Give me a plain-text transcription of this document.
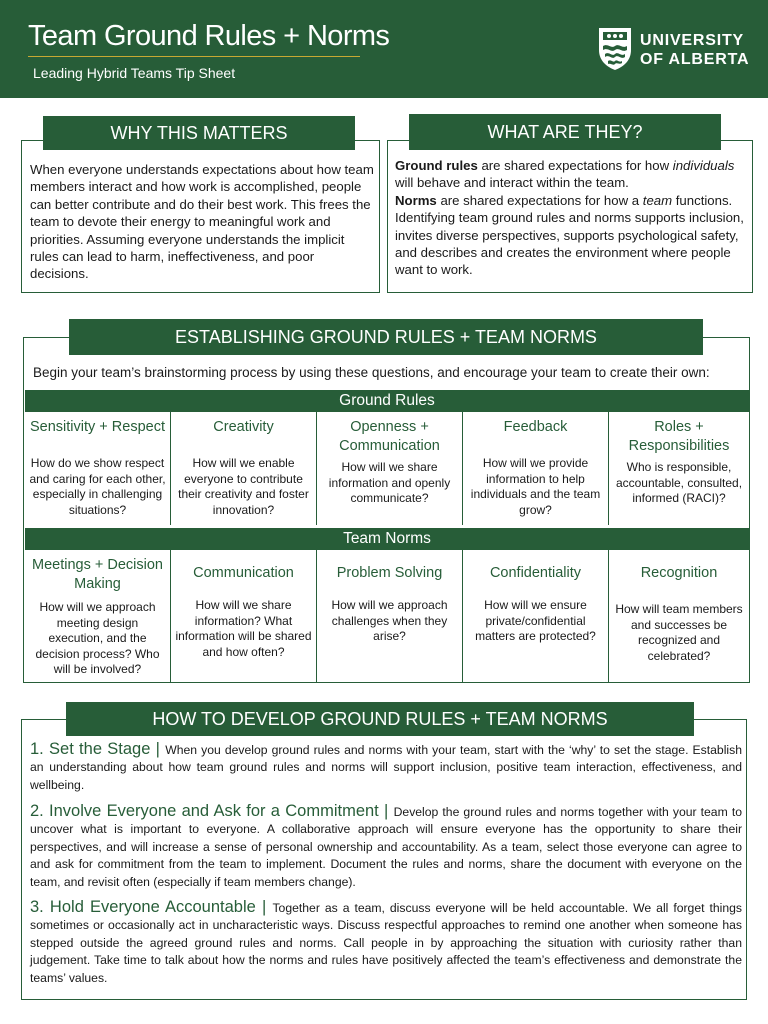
Team Ground Rules + Norms
Leading Hybrid Teams Tip Sheet
UNIVERSITY
OF ALBERTA
WHY THIS MATTERS
When everyone understands expectations about how team members interact and how work is accomplished, people can better contribute and do their best work. This frees the team to devote their energy to meaningful work and priorities. Assuming everyone understands the implicit rules can lead to harm, ineffectiveness, and poor decisions.
WHAT ARE THEY?
Ground rules are shared expectations for how individuals will behave and interact within the team.
Norms are shared expectations for how a team functions. Identifying team ground rules and norms supports inclusion, invites diverse perspectives, supports psychological safety, and describes and creates the environment where people want to work.
ESTABLISHING GROUND RULES + TEAM NORMS
Begin your team’s brainstorming process by using these questions, and encourage your team to create their own:
Ground Rules
Sensitivity + Respect
How do we show respect and caring for each other, especially in challenging situations?
Creativity
How will we enable everyone to contribute their creativity and foster innovation?
Openness + Communication
How will we share information and openly communicate?
Feedback
How will we provide information to help individuals and the team grow?
Roles + Responsibilities
Who is responsible, accountable, consulted, informed (RACI)?
Team Norms
Meetings + Decision Making
How will we approach meeting design execution, and the decision process? Who will be involved?
Communication
How will we share information? What information will be shared and how often?
Problem Solving
How will we approach challenges when they arise?
Confidentiality
How will we ensure private/confidential matters are protected?
Recognition
How will team members and successes be recognized and celebrated?
HOW TO DEVELOP GROUND RULES + TEAM NORMS
1. Set the Stage | When you develop ground rules and norms with your team, start with the ‘why’ to set the stage. Establish an understanding about how team ground rules and norms will support inclusion, positive team interaction, effectiveness, and wellbeing.
2. Involve Everyone and Ask for a Commitment | Develop the ground rules and norms together with your team to uncover what is important to everyone. A collaborative approach will ensure everyone has the opportunity to share their perspectives, and will increase a sense of personal ownership and accountability. As a team, select those everyone can agree to and ask for commitment from the team to implement. Document the rules and norms, share the document with everyone on the team, and revisit often (especially if team members change).
3. Hold Everyone Accountable | Together as a team, discuss everyone will be held accountable. We all forget things sometimes or occasionally act in uncharacteristic ways. Discuss respectful approaches to remind one another when someone has stepped outside the agreed ground rules and norms. Call people in by approaching the situation with curiosity rather than judgement. Take time to talk about how the norms and rules have positively affected the team’s effectiveness and demonstrate the teams’ values.
